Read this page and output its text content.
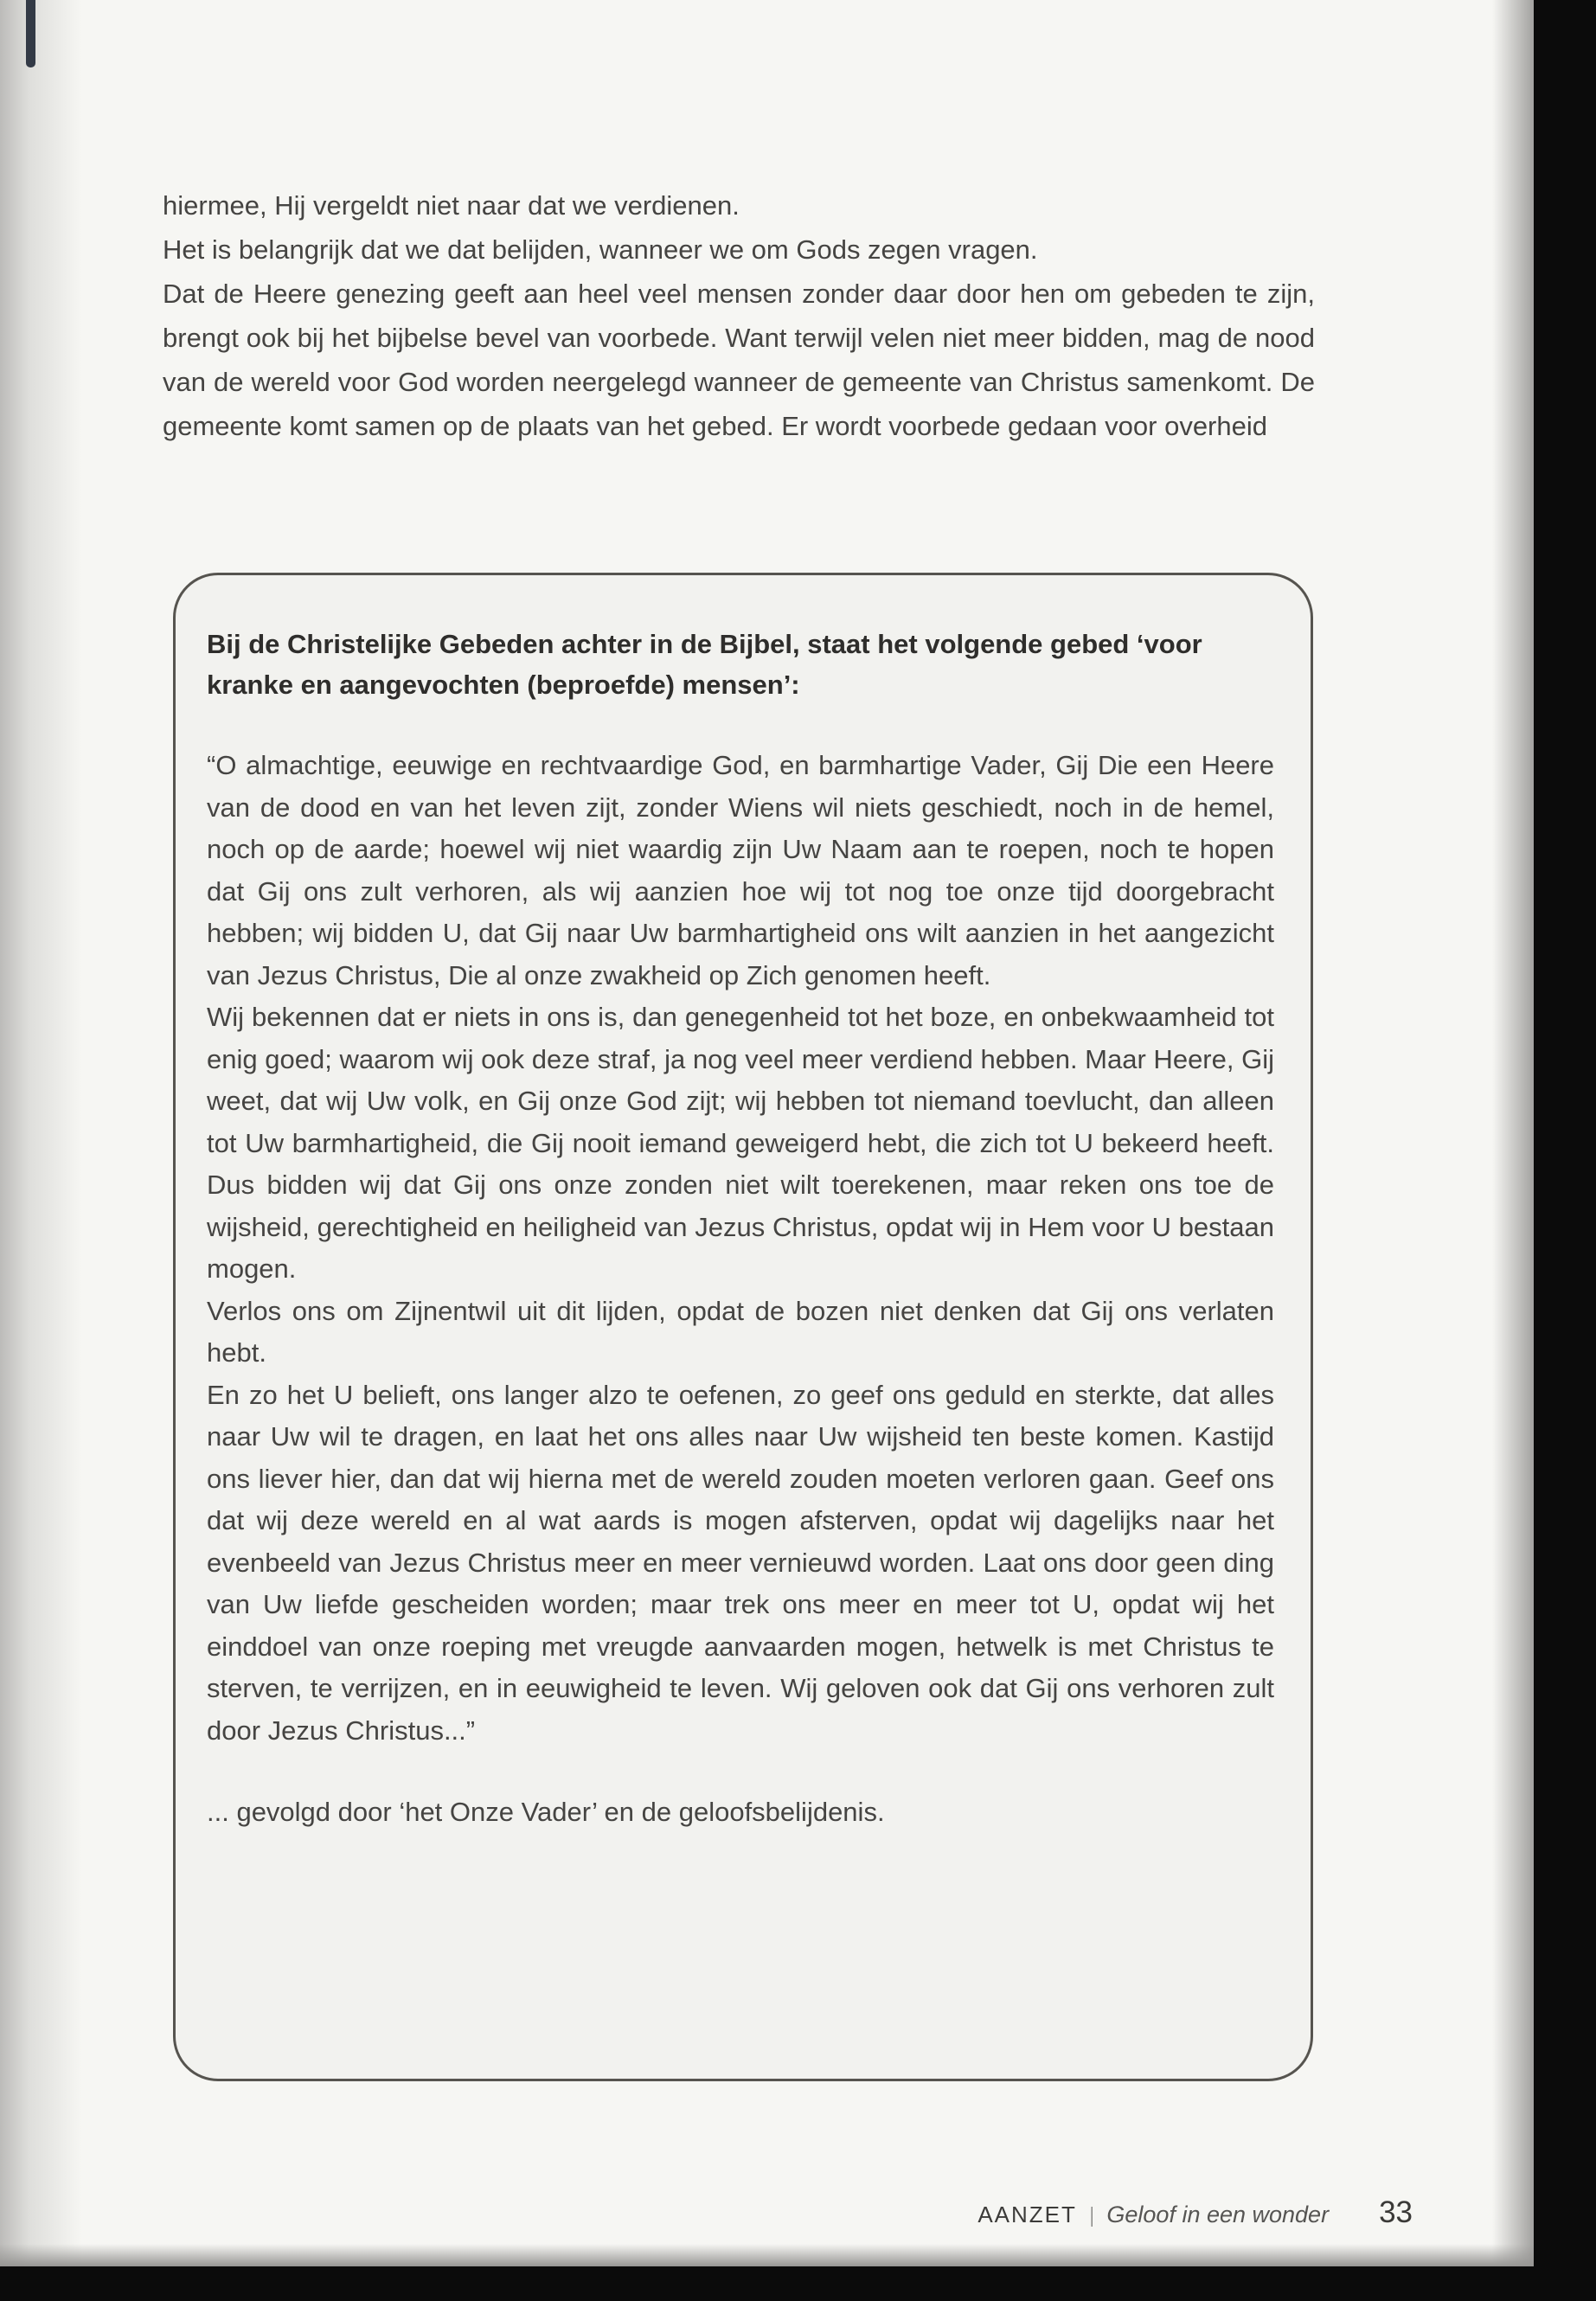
hiermee, Hij vergeldt niet naar dat we verdienen.

Het is belangrijk dat we dat belijden, wanneer we om Gods zegen vragen.

Dat de Heere genezing geeft aan heel veel mensen zonder daar door hen om gebeden te zijn, brengt ook bij het bijbelse bevel van voorbede. Want terwijl velen niet meer bidden, mag de nood van de wereld voor God worden neergelegd wanneer de gemeente van Christus samenkomt. De gemeente komt samen op de plaats van het gebed. Er wordt voorbede gedaan voor overheid

Bij de Christelijke Gebeden achter in de Bijbel, staat het volgende gebed ‘voor kranke en aangevochten (beproefde) mensen’:

“O almachtige, eeuwige en rechtvaardige God, en barmhartige Vader, Gij Die een Heere van de dood en van het leven zijt, zonder Wiens wil niets geschiedt, noch in de hemel, noch op de aarde; hoewel wij niet waardig zijn Uw Naam aan te roepen, noch te hopen dat Gij ons zult verhoren, als wij aanzien hoe wij tot nog toe onze tijd doorgebracht hebben; wij bidden U, dat Gij naar Uw barmhartigheid ons wilt aanzien in het aangezicht van Jezus Christus, Die al onze zwakheid op Zich genomen heeft.

Wij bekennen dat er niets in ons is, dan genegenheid tot het boze, en onbekwaamheid tot enig goed; waarom wij ook deze straf, ja nog veel meer verdiend hebben. Maar Heere, Gij weet, dat wij Uw volk, en Gij onze God zijt; wij hebben tot niemand toevlucht, dan alleen tot Uw barmhartigheid, die Gij nooit iemand geweigerd hebt, die zich tot U bekeerd heeft. Dus bidden wij dat Gij ons onze zonden niet wilt toerekenen, maar reken ons toe de wijsheid, gerechtigheid en heiligheid van Jezus Christus, opdat wij in Hem voor U bestaan mogen.

Verlos ons om Zijnentwil uit dit lijden, opdat de bozen niet denken dat Gij ons verlaten hebt.

En zo het U belieft, ons langer alzo te oefenen, zo geef ons geduld en sterkte, dat alles naar Uw wil te dragen, en laat het ons alles naar Uw wijsheid ten beste komen. Kastijd ons liever hier, dan dat wij hierna met de wereld zouden moeten verloren gaan. Geef ons dat wij deze wereld en al wat aards is mogen afsterven, opdat wij dagelijks naar het evenbeeld van Jezus Christus meer en meer vernieuwd worden. Laat ons door geen ding van Uw liefde gescheiden worden; maar trek ons meer en meer tot U, opdat wij het einddoel van onze roeping met vreugde aanvaarden mogen, hetwelk is met Christus te sterven, te verrijzen, en in eeuwigheid te leven. Wij geloven ook dat Gij ons verhoren zult door Jezus Christus...”

... gevolgd door ‘het Onze Vader’ en de geloofsbelijdenis.

AANZET | Geloof in een wonder 33
